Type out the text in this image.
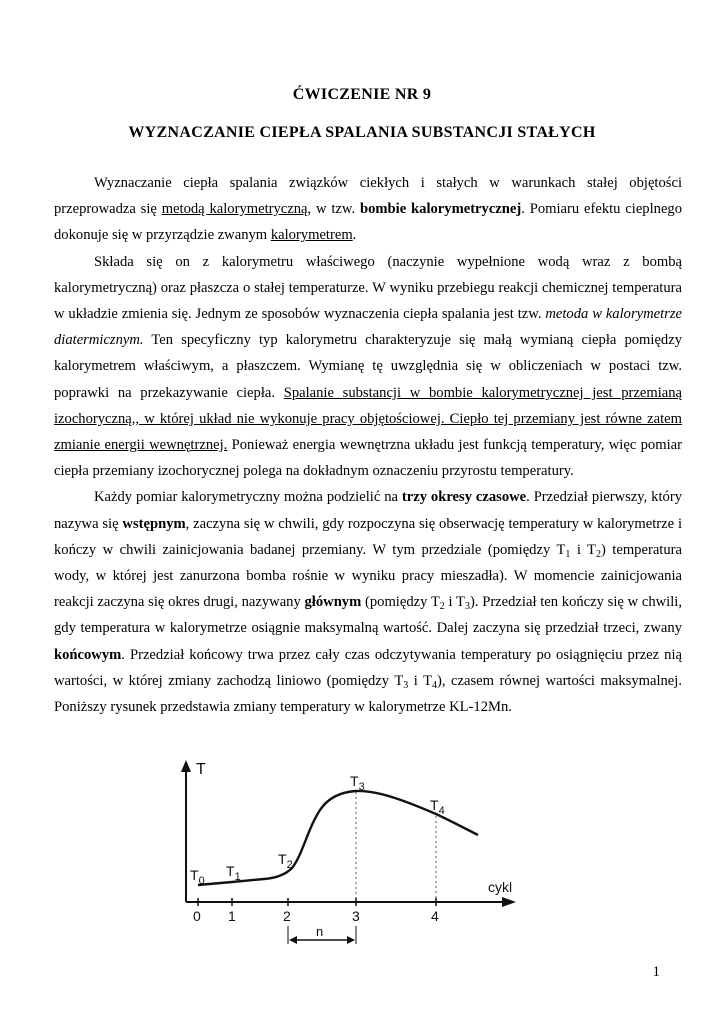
ĆWICZENIE NR 9
WYZNACZANIE CIEPŁA SPALANIA SUBSTANCJI STAŁYCH

Wyznaczanie ciepła spalania związków ciekłych i stałych w warunkach stałej objętości przeprowadza się metodą kalorymetryczną, w tzw. bombie kalorymetrycznej. Pomiaru efektu cieplnego dokonuje się w przyrządzie zwanym kalorymetrem.

Składa się on z kalorymetru właściwego (naczynie wypełnione wodą wraz z bombą kalorymetryczną) oraz płaszcza o stałej temperaturze. W wyniku przebiegu reakcji chemicznej temperatura w układzie zmienia się. Jednym ze sposobów wyznaczenia ciepła spalania jest tzw. metoda w kalorymetrze diatermicznym. Ten specyficzny typ kalorymetru charakteryzuje się małą wymianą ciepła pomiędzy kalorymetrem właściwym, a płaszczem. Wymianę tę uwzględnia się w obliczeniach w postaci tzw. poprawki na przekazywanie ciepła. Spalanie substancji w bombie kalorymetrycznej jest przemianą izochoryczną,, w której układ nie wykonuje pracy objętościowej. Ciepło tej przemiany jest równe zatem zmianie energii wewnętrznej. Ponieważ energia wewnętrzna układu jest funkcją temperatury, więc pomiar ciepła przemiany izochorycznej polega na dokładnym oznaczeniu przyrostu temperatury.

Każdy pomiar kalorymetryczny można podzielić na trzy okresy czasowe. Przedział pierwszy, który nazywa się wstępnym, zaczyna się w chwili, gdy rozpoczyna się obserwację temperatury w kalorymetrze i kończy w chwili zainicjowania badanej przemiany. W tym przedziale (pomiędzy $T_1$ i $T_2$) temperatura wody, w której jest zanurzona bomba rośnie w wyniku pracy mieszadła). W momencie zainicjowania reakcji zaczyna się okres drugi, nazywany głównym (pomiędzy $T_2$ i $T_3$). Przedział ten kończy się w chwili, gdy temperatura w kalorymetrze osiągnie maksymalną wartość. Dalej zaczyna się przedział trzeci, zwany końcowym. Przedział końcowy trwa przez cały czas odczytywania temperatury po osiągnięciu przez nią wartości, w której zmiany zachodzą liniowo (pomiędzy $T_3$ i $T_4$), czasem równej wartości maksymalnej. Poniższy rysunek przedstawia zmiany temperatury w kalorymetrze KL-12Mn.

T
cykl
0 1	2	3	4
$T_0$
$T_1$
$T_2$
$T_3$
$T_4$
n
1
